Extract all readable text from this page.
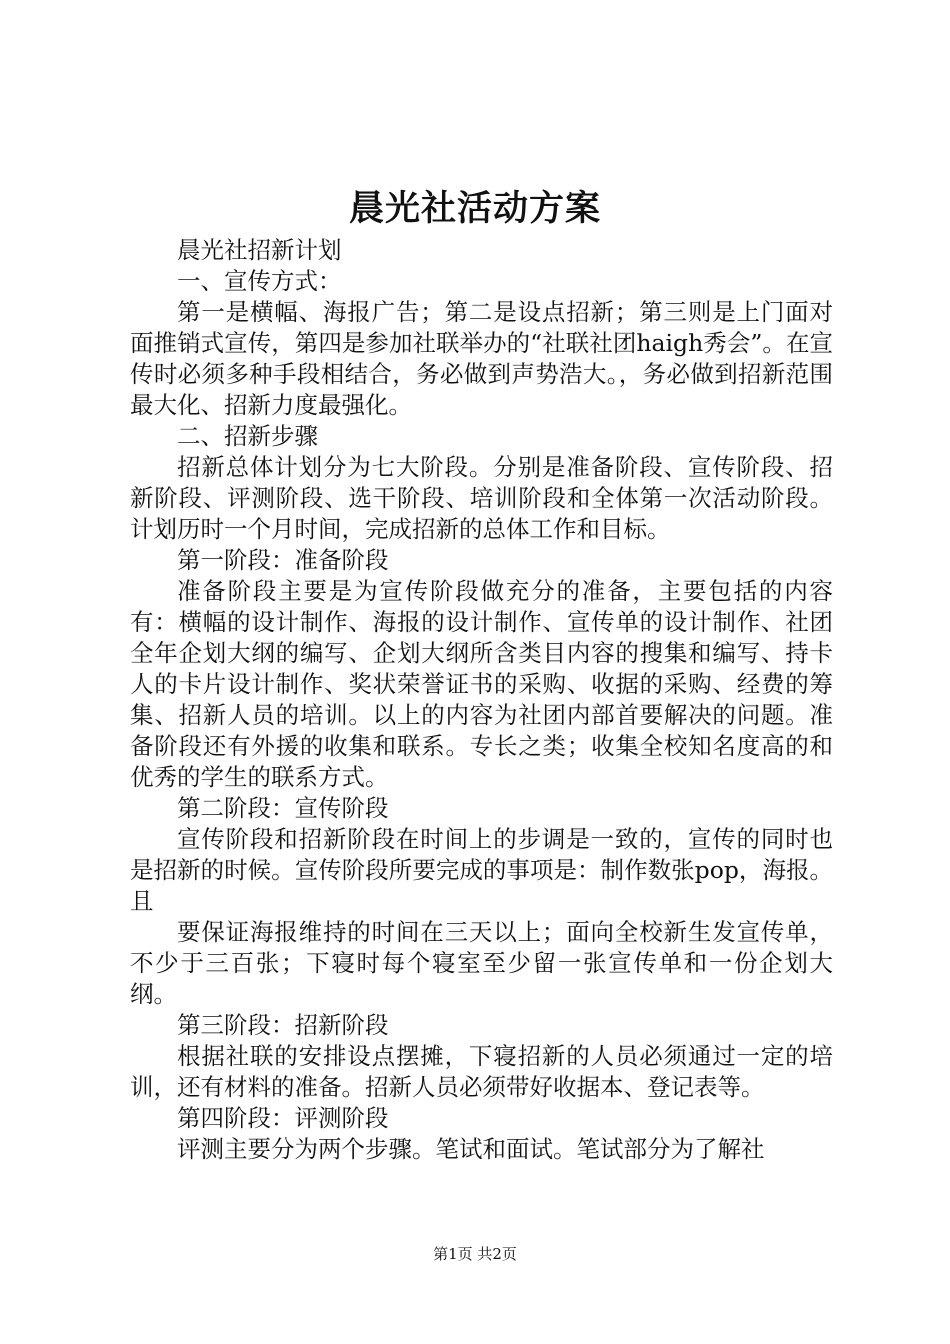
晨光社活动方案

晨光社招新计划

一、宣传方式：

第一是横幅、海报广告；第二是设点招新；第三则是上门面对面推销式宣传，第四是参加社联举办的“社联社团haigh秀会”。在宣传时必须多种手段相结合，务必做到声势浩大。，务必做到招新范围最大化、招新力度最强化。

二、招新步骤

招新总体计划分为七大阶段。分别是准备阶段、宣传阶段、招新阶段、评测阶段、选干阶段、培训阶段和全体第一次活动阶段。计划历时一个月时间，完成招新的总体工作和目标。

第一阶段：准备阶段

准备阶段主要是为宣传阶段做充分的准备，主要包括的内容有：横幅的设计制作、海报的设计制作、宣传单的设计制作、社团全年企划大纲的编写、企划大纲所含类目内容的搜集和编写、持卡人的卡片设计制作、奖状荣誉证书的采购、收据的采购、经费的筹集、招新人员的培训。以上的内容为社团内部首要解决的问题。准备阶段还有外援的收集和联系。专长之类；收集全校知名度高的和优秀的学生的联系方式。

第二阶段：宣传阶段

宣传阶段和招新阶段在时间上的步调是一致的，宣传的同时也是招新的时候。宣传阶段所要完成的事项是：制作数张pop，海报。且

要保证海报维持的时间在三天以上；面向全校新生发宣传单，不少于三百张；下寝时每个寝室至少留一张宣传单和一份企划大纲。

第三阶段：招新阶段

根据社联的安排设点摆摊，下寝招新的人员必须通过一定的培训，还有材料的准备。招新人员必须带好收据本、登记表等。

第四阶段：评测阶段

评测主要分为两个步骤。笔试和面试。笔试部分为了解社

第1页 共2页
